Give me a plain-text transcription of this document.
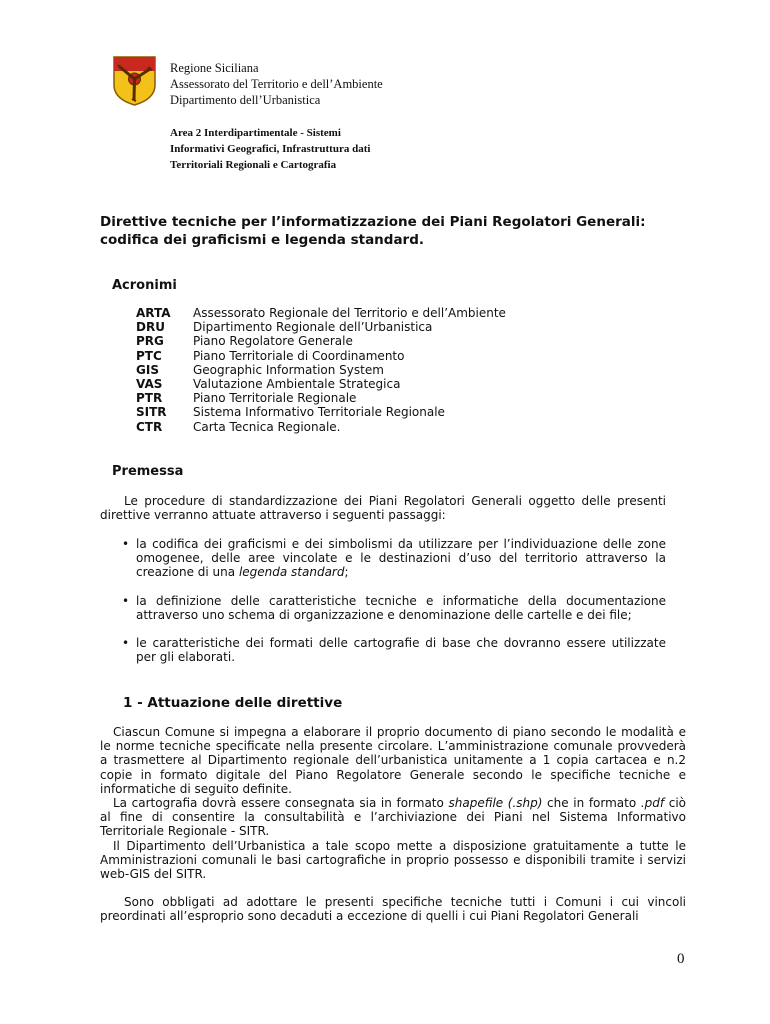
Regione Siciliana
Assessorato del Territorio e dell’Ambiente
Dipartimento dell’Urbanistica
Area 2 Interdipartimentale - Sistemi
Informativi Geografici, Infrastruttura dati
Territoriali Regionali e Cartografia
Direttive tecniche per l’informatizzazione dei Piani Regolatori Generali:
codifica dei graficismi e legenda standard.
Acronimi
ARTA	Assessorato Regionale del Territorio e dell’Ambiente
DRU	Dipartimento Regionale dell’Urbanistica
PRG	Piano Regolatore Generale
PTC	Piano Territoriale di Coordinamento
GIS	Geographic Information System
VAS	Valutazione Ambientale Strategica
PTR	Piano Territoriale Regionale
SITR	Sistema Informativo Territoriale Regionale
CTR	Carta Tecnica Regionale.
Premessa
Le procedure di standardizzazione dei Piani Regolatori Generali oggetto delle presenti direttive verranno attuate attraverso i seguenti passaggi:
• la codifica dei graficismi e dei simbolismi da utilizzare per l’individuazione delle zone omogenee, delle aree vincolate e le destinazioni d’uso del territorio attraverso la creazione di una legenda standard;
• la definizione delle caratteristiche tecniche e informatiche della documentazione attraverso uno schema di organizzazione e denominazione delle cartelle e dei file;
• le caratteristiche dei formati delle cartografie di base che dovranno essere utilizzate per gli elaborati.
1 - Attuazione delle direttive

Ciascun Comune si impegna a elaborare il proprio documento di piano secondo le modalità e le norme tecniche specificate nella presente circolare. L’amministrazione comunale provvederà a trasmettere al Dipartimento regionale dell’urbanistica unitamente a 1 copia cartacea e n.2 copie in formato digitale del Piano Regolatore Generale secondo le specifiche tecniche e informatiche di seguito definite.

La cartografia dovrà essere consegnata sia in formato shapefile (.shp) che in formato .pdf ciò al fine di consentire la consultabilità e l’archiviazione dei Piani nel Sistema Informativo Territoriale Regionale - SITR.

Il Dipartimento dell’Urbanistica a tale scopo mette a disposizione gratuitamente a tutte le Amministrazioni comunali le basi cartografiche in proprio possesso e disponibili tramite i servizi web-GIS del SITR.

Sono obbligati ad adottare le presenti specifiche tecniche tutti i Comuni i cui vincoli preordinati all’esproprio sono decaduti a eccezione di quelli i cui Piani Regolatori Generali

0
